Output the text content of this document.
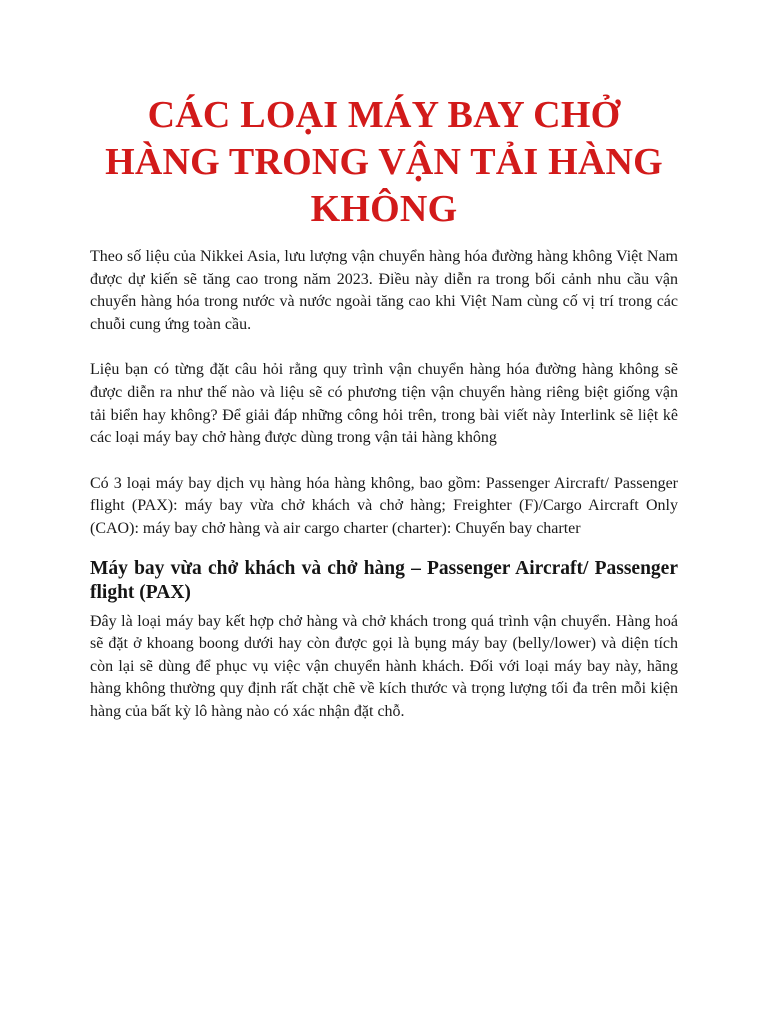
CÁC LOẠI MÁY BAY CHỞ HÀNG TRONG VẬN TẢI HÀNG KHÔNG

Theo số liệu của Nikkei Asia, lưu lượng vận chuyển hàng hóa đường hàng không Việt Nam được dự kiến sẽ tăng cao trong năm 2023. Điều này diễn ra trong bối cảnh nhu cầu vận chuyển hàng hóa trong nước và nước ngoài tăng cao khi Việt Nam cùng cố vị trí trong các chuỗi cung ứng toàn cầu.

Liệu bạn có từng đặt câu hỏi rằng quy trình vận chuyển hàng hóa đường hàng không sẽ được diễn ra như thế nào và liệu sẽ có phương tiện vận chuyển hàng riêng biệt giống vận tải biển hay không? Để giải đáp những công hỏi trên, trong bài viết này Interlink sẽ liệt kê các loại máy bay chở hàng được dùng trong vận tải hàng không

Có 3 loại máy bay dịch vụ hàng hóa hàng không, bao gồm: Passenger Aircraft/ Passenger flight (PAX): máy bay vừa chở khách và chở hàng; Freighter (F)/Cargo Aircraft Only (CAO): máy bay chở hàng và air cargo charter (charter): Chuyến bay charter

Máy bay vừa chở khách và chở hàng – Passenger Aircraft/ Passenger flight (PAX)

Đây là loại máy bay kết hợp chở hàng và chở khách trong quá trình vận chuyển. Hàng hoá sẽ đặt ở khoang boong dưới hay còn được gọi là bụng máy bay (belly/lower) và diện tích còn lại sẽ dùng để phục vụ việc vận chuyển hành khách. Đối với loại máy bay này, hãng hàng không thường quy định rất chặt chẽ về kích thước và trọng lượng tối đa trên mỗi kiện hàng của bất kỳ lô hàng nào có xác nhận đặt chỗ.
